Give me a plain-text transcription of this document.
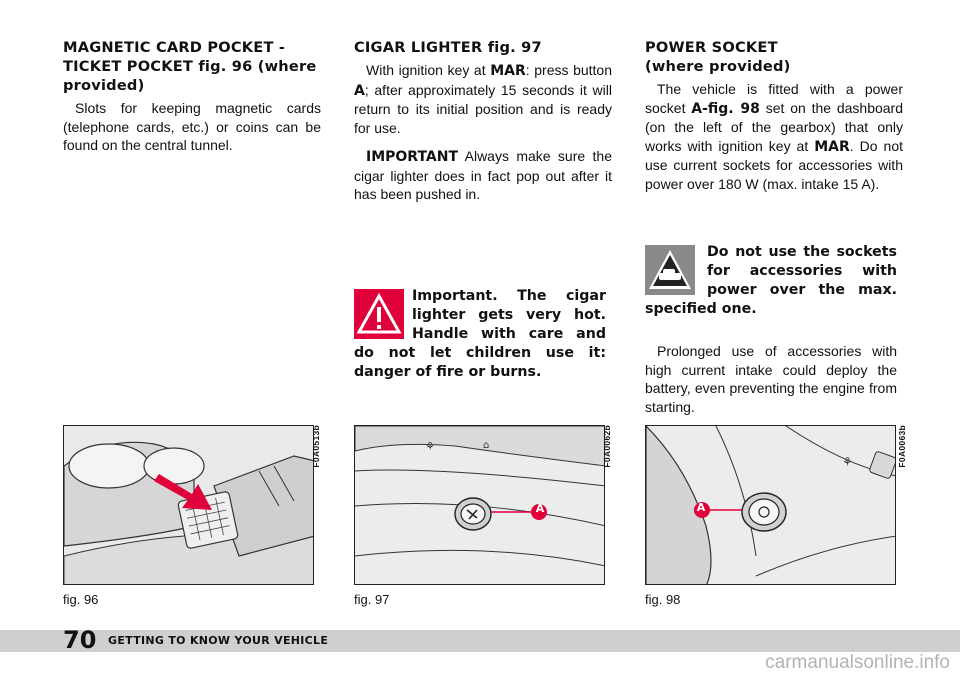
MAGNETIC CARD POCKET - TICKET POCKET fig. 96 (where provided)

Slots for keeping magnetic cards (telephone cards, etc.) or coins can be found on the central tunnel.

CIGAR LIGHTER fig. 97

With ignition key at MAR: press button A; after approximately 15 seconds it will return to its initial position and is ready for use.

IMPORTANT Always make sure the cigar lighter does in fact pop out after it has been pushed in.

Important. The cigar lighter gets very hot. Handle with care and do not let children use it: danger of fire or burns.
POWER SOCKET
(where provided)

The vehicle is fitted with a power socket A-fig. 98 set on the dashboard (on the left of the gearbox) that only works with ignition key at MAR. Do not use current sockets for accessories with power over 180 W (max. intake 15 A).

Do not use the sockets for accessories with power over the max. specified one.

Prolonged use of accessories with high current intake could deploy the battery, even preventing the engine from starting.

F0A0513b
fig. 96
⚘	⌂
A
F0A0062b
fig. 97
⚘
A
F0A0063b
fig. 98
70 GETTING TO KNOW YOUR VEHICLE
carmanualsonline.info
